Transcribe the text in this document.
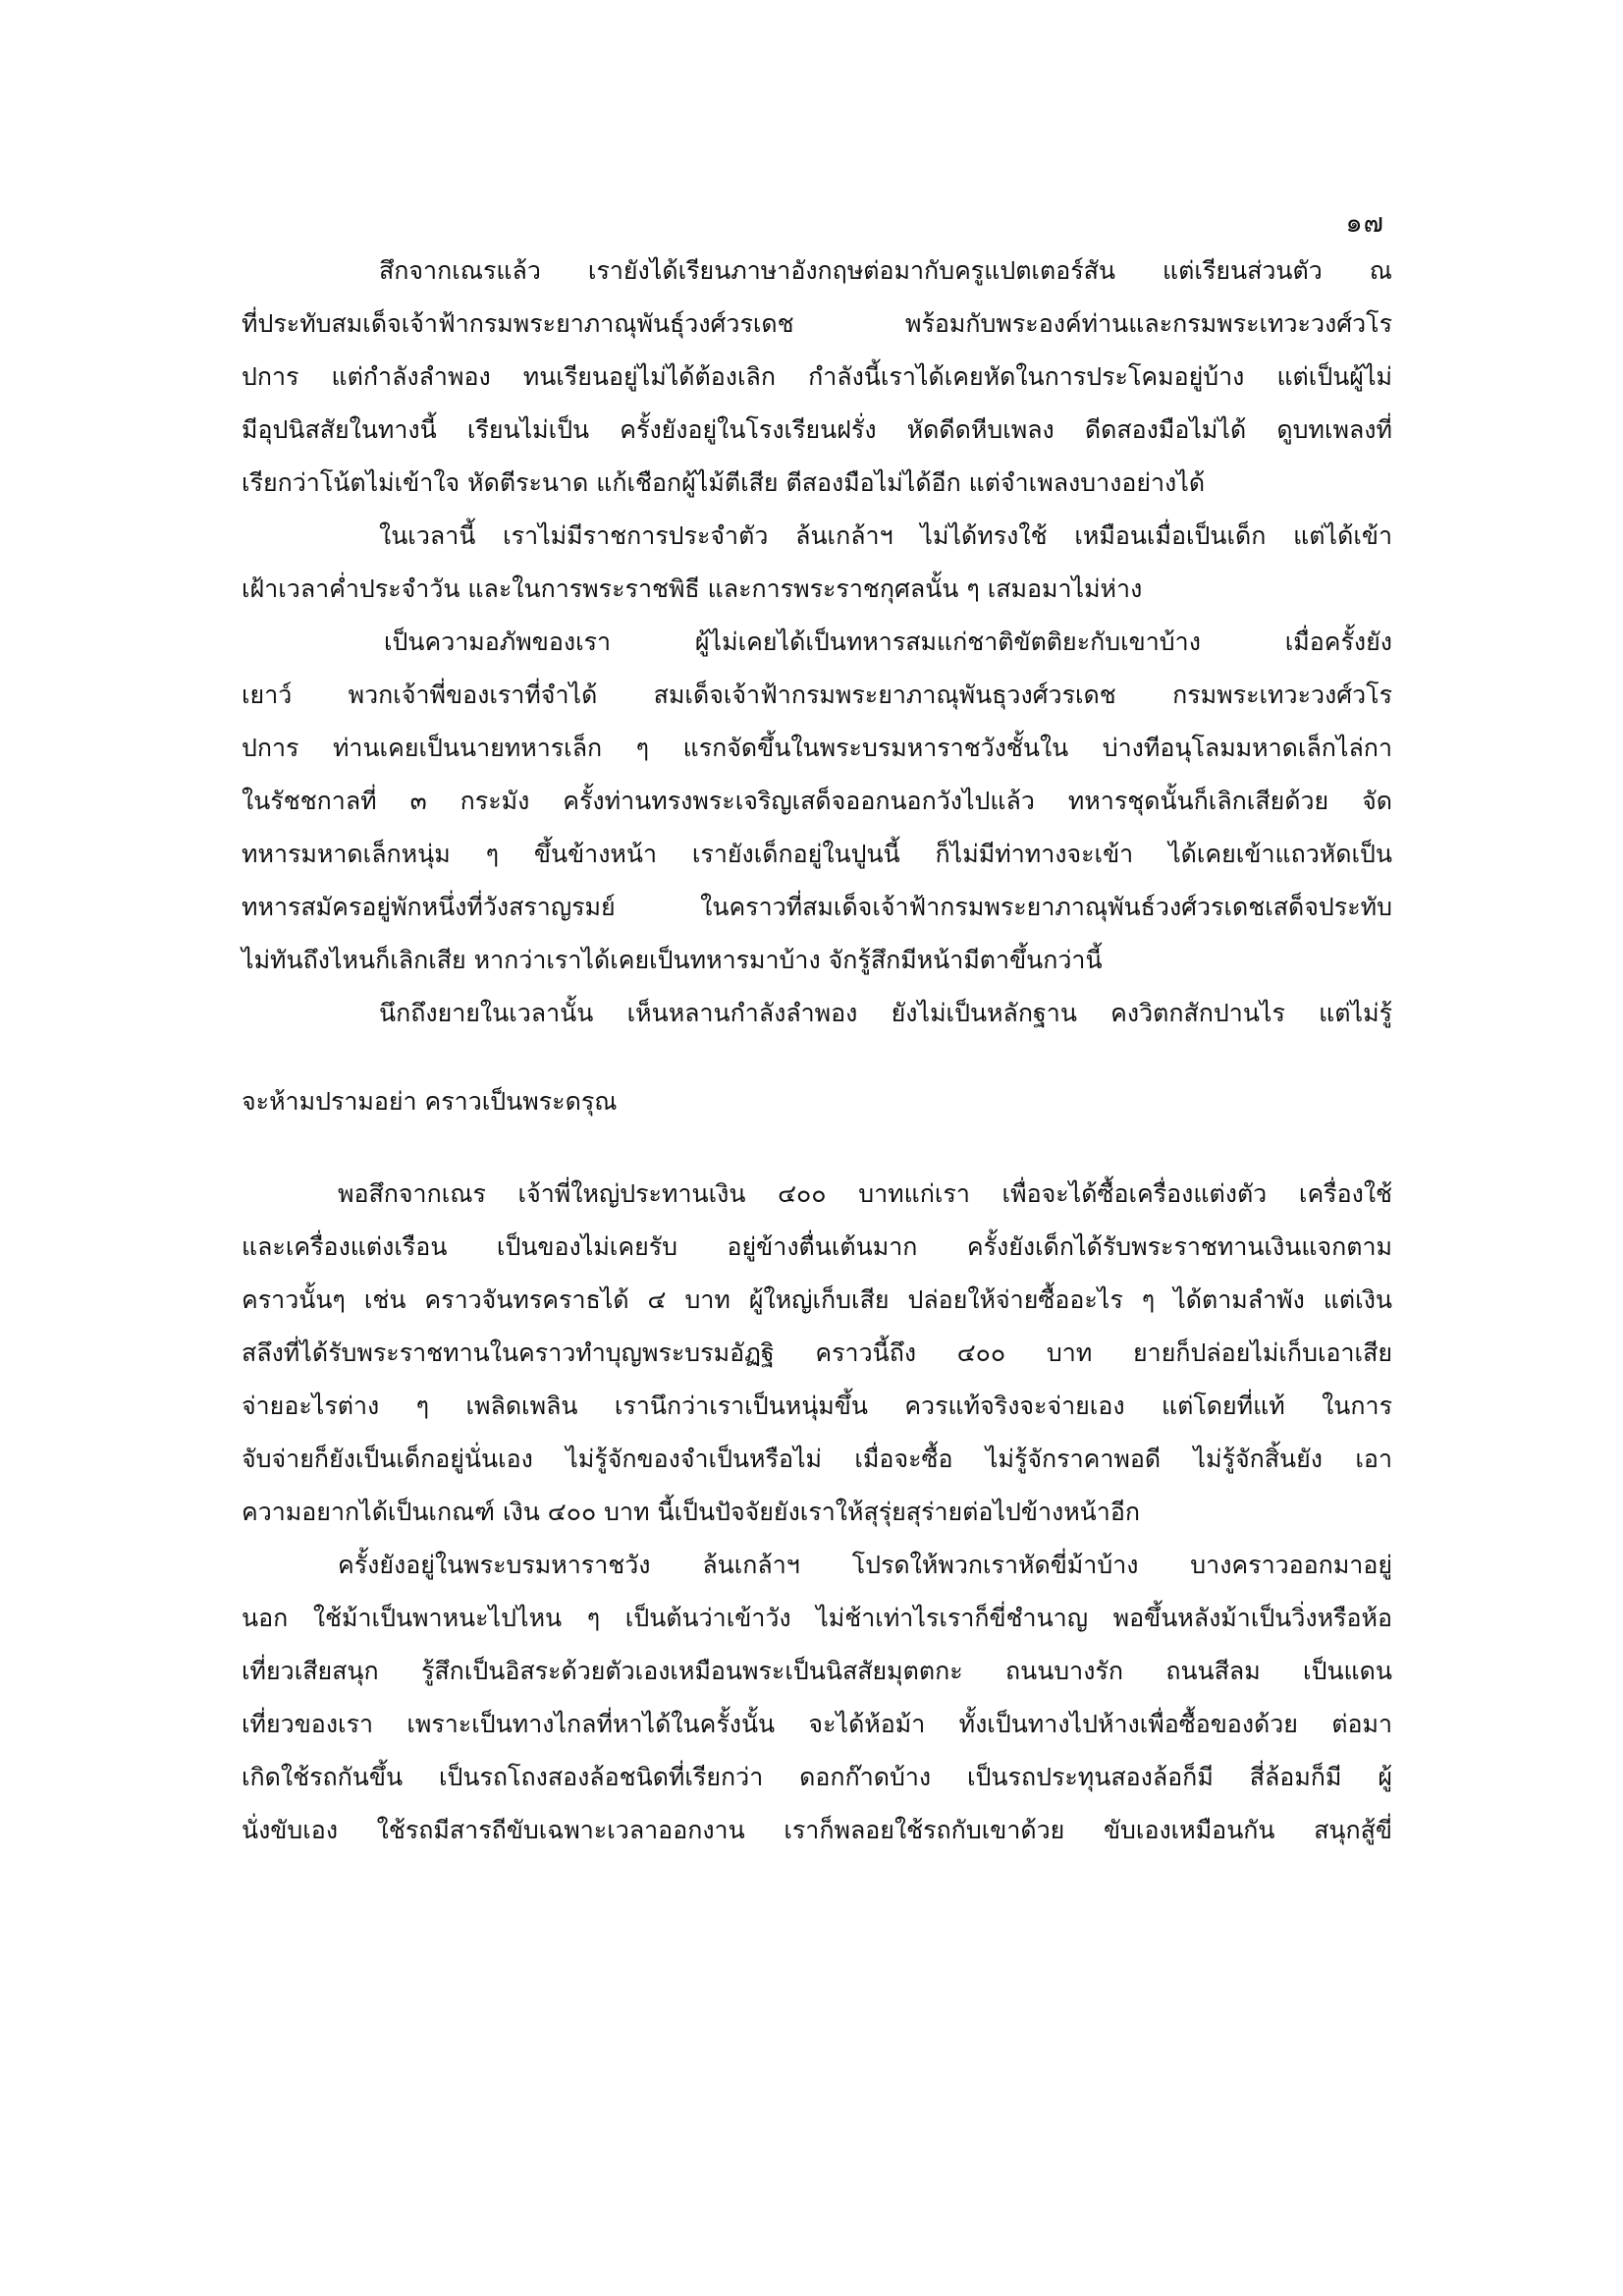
๑๗
สึกจากเณรแล้ว เรายังได้เรียนภาษาอังกฤษต่อมากับครูแปตเตอร์สัน แต่เรียนส่วนตัว ณ
ที่ประทับสมเด็จเจ้าฟ้ากรมพระยาภาณุพันธุ์วงศ์วรเดช พร้อมกับพระองค์ท่านและกรมพระเทวะวงศ์วโร
ปการ แต่กำลังลำพอง ทนเรียนอยู่ไม่ได้ต้องเลิก กำลังนี้เราได้เคยหัดในการประโคมอยู่บ้าง แต่เป็นผู้ไม่
มีอุปนิสสัยในทางนี้ เรียนไม่เป็น ครั้งยังอยู่ในโรงเรียนฝรั่ง หัดดีดหีบเพลง ดีดสองมือไม่ได้ ดูบทเพลงที่
เรียกว่าโน้ตไม่เข้าใจ หัดตีระนาด แก้เชือกผู้ไม้ตีเสีย ตีสองมือไม่ได้อีก แต่จำเพลงบางอย่างได้
ในเวลานี้ เราไม่มีราชการประจำตัว ล้นเกล้าฯ ไม่ได้ทรงใช้ เหมือนเมื่อเป็นเด็ก แต่ได้เข้า
เฝ้าเวลาค่ำประจำวัน และในการพระราชพิธี และการพระราชกุศลนั้น ๆ เสมอมาไม่ห่าง
เป็นความอภัพของเรา ผู้ไม่เคยได้เป็นทหารสมแก่ชาติขัตติยะกับเขาบ้าง เมื่อครั้งยัง
เยาว์ พวกเจ้าพี่ของเราที่จำได้ สมเด็จเจ้าฟ้ากรมพระยาภาณุพันธุวงศ์วรเดช กรมพระเทวะวงศ์วโร
ปการ ท่านเคยเป็นนายทหารเล็ก ๆ แรกจัดขึ้นในพระบรมหาราชวังชั้นใน บ่างทีอนุโลมมหาดเล็กไล่กา
ในรัชชกาลที่ ๓ กระมัง ครั้งท่านทรงพระเจริญเสด็จออกนอกวังไปแล้ว ทหารชุดนั้นก็เลิกเสียด้วย จัด
ทหารมหาดเล็กหนุ่ม ๆ ขึ้นข้างหน้า เรายังเด็กอยู่ในปูนนี้ ก็ไม่มีท่าทางจะเข้า ได้เคยเข้าแถวหัดเป็น
ทหารสมัครอยู่พักหนึ่งที่วังสราญรมย์ ในคราวที่สมเด็จเจ้าฟ้ากรมพระยาภาณุพันธ์วงศ์วรเดชเสด็จประทับ
ไม่ทันถึงไหนก็เลิกเสีย หากว่าเราได้เคยเป็นทหารมาบ้าง จักรู้สึกมีหน้ามีตาขึ้นกว่านี้
นึกถึงยายในเวลานั้น เห็นหลานกำลังลำพอง ยังไม่เป็นหลักฐาน คงวิตกสักปานไร แต่ไม่รู้
จะห้ามปรามอย่า คราวเป็นพระดรุณ
พอสึกจากเณร เจ้าพี่ใหญ่ประทานเงิน ๔๐๐ บาทแก่เรา เพื่อจะได้ซื้อเครื่องแต่งตัว เครื่องใช้
และเครื่องแต่งเรือน เป็นของไม่เคยรับ อยู่ข้างตื่นเต้นมาก ครั้งยังเด็กได้รับพระราชทานเงินแจกตาม
คราวนั้นๆ เช่น คราวจันทรคราธได้ ๔ บาท ผู้ใหญ่เก็บเสีย ปล่อยให้จ่ายซื้ออะไร ๆ ได้ตามลำพัง แต่เงิน
สลึงที่ได้รับพระราชทานในคราวทำบุญพระบรมอัฏฐิ คราวนี้ถึง ๔๐๐ บาท ยายก็ปล่อยไม่เก็บเอาเสีย
จ่ายอะไรต่าง ๆ เพลิดเพลิน เรานึกว่าเราเป็นหนุ่มขึ้น ควรแท้จริงจะจ่ายเอง แต่โดยที่แท้ ในการ
จับจ่ายก็ยังเป็นเด็กอยู่นั่นเอง ไม่รู้จักของจำเป็นหรือไม่ เมื่อจะซื้อ ไม่รู้จักราคาพอดี ไม่รู้จักสิ้นยัง เอา
ความอยากได้เป็นเกณฑ์ เงิน ๔๐๐ บาท นี้เป็นปัจจัยยังเราให้สุรุ่ยสุร่ายต่อไปข้างหน้าอีก
ครั้งยังอยู่ในพระบรมหาราชวัง ล้นเกล้าฯ โปรดให้พวกเราหัดขี่ม้าบ้าง บางคราวออกมาอยู่
นอก ใช้ม้าเป็นพาหนะไปไหน ๆ เป็นต้นว่าเข้าวัง ไม่ช้าเท่าไรเราก็ขี่ชำนาญ พอขึ้นหลังม้าเป็นวิ่งหรือห้อ
เที่ยวเสียสนุก รู้สึกเป็นอิสระด้วยตัวเองเหมือนพระเป็นนิสสัยมุตตกะ ถนนบางรัก ถนนสีลม เป็นแดน
เที่ยวของเรา เพราะเป็นทางไกลที่หาได้ในครั้งนั้น จะได้ห้อม้า ทั้งเป็นทางไปห้างเพื่อซื้อของด้วย ต่อมา
เกิดใช้รถกันขึ้น เป็นรถโถงสองล้อชนิดที่เรียกว่า ดอกก๊าดบ้าง เป็นรถประทุนสองล้อก็มี สี่ล้อมก็มี ผู้
นั่งขับเอง ใช้รถมีสารถีขับเฉพาะเวลาออกงาน เราก็พลอยใช้รถกับเขาด้วย ขับเองเหมือนกัน สนุกสู้ขี่
